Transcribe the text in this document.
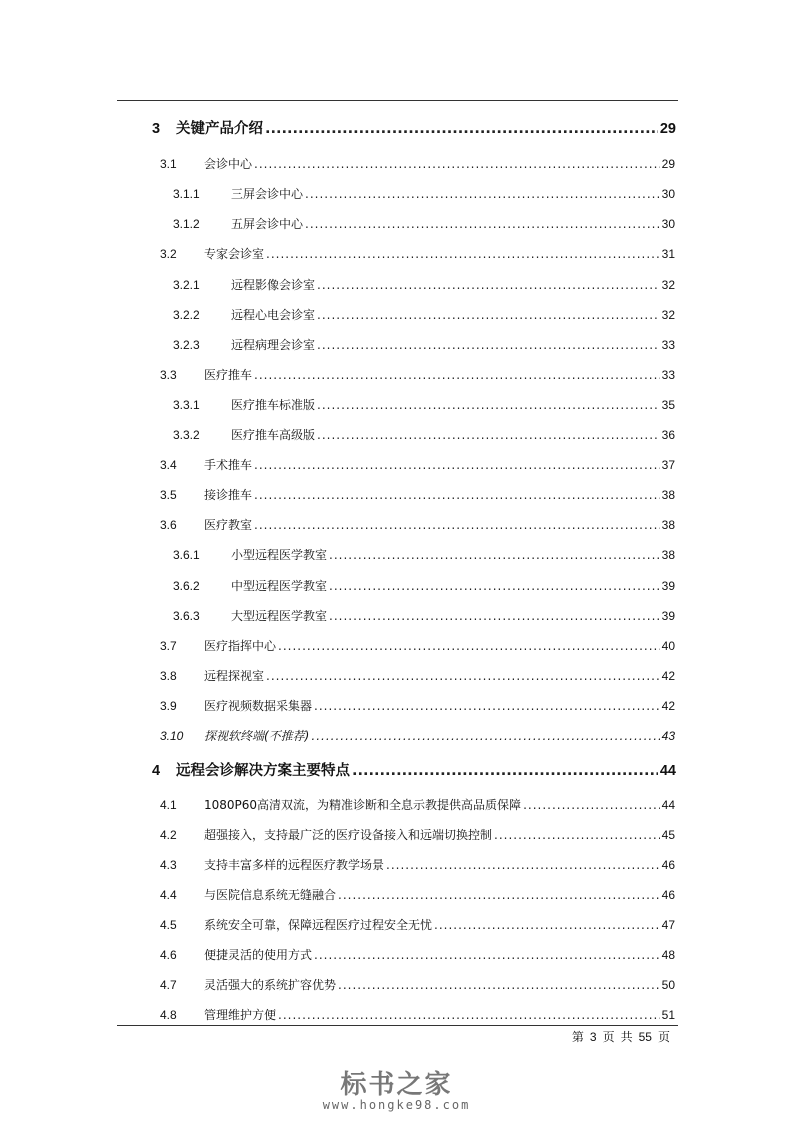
3	关键产品介绍 .....	29
3.1	会诊中心 .....	29
3.1.1	三屏会诊中心 .....	30
3.1.2	五屏会诊中心 .....	30
3.2	专家会诊室 .....	31
3.2.1	远程影像会诊室 .....	32
3.2.2	远程心电会诊室 .....	32
3.2.3	远程病理会诊室 .....	33
3.3	医疗推车 .....	33
3.3.1	医疗推车标准版 .....	35
3.3.2	医疗推车高级版 .....	36
3.4	手术推车 .....	37
3.5	接诊推车 .....	38
3.6	医疗教室 .....	38
3.6.1	小型远程医学教室 .....	38
3.6.2	中型远程医学教室 .....	39
3.6.3	大型远程医学教室 .....	39
3.7	医疗指挥中心 .....	40
3.8	远程探视室 .....	42
3.9	医疗视频数据采集器 .....	42
3.10	探视软终端(不推荐) .....	43
4	远程会诊解决方案主要特点 .....	44
4.1	1080P60高清双流，为精准诊断和全息示教提供高品质保障 .....	44
4.2	超强接入，支持最广泛的医疗设备接入和远端切换控制 .....	45
4.3	支持丰富多样的远程医疗教学场景 .....	46
4.4	与医院信息系统无缝融合 .....	46
4.5	系统安全可靠，保障远程医疗过程安全无忧 .....	47
4.6	便捷灵活的使用方式 .....	48
4.7	灵活强大的系统扩容优势 .....	50
4.8	管理维护方便 .....	51
第 3 页 共 55 页
标书之家
www.hongke98.com
